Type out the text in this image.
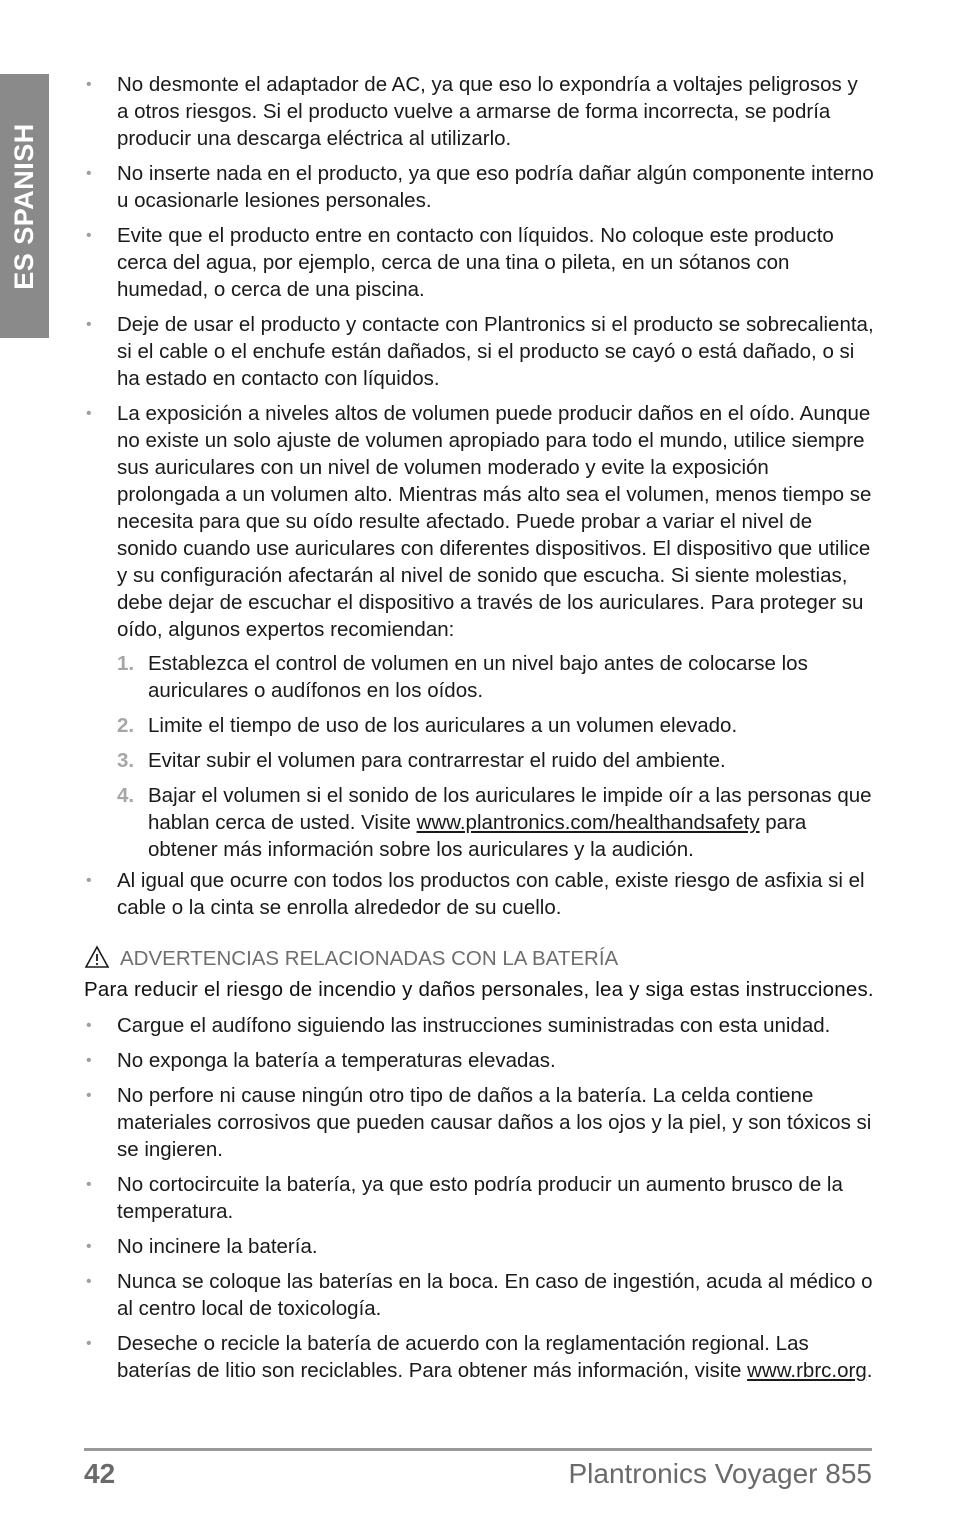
ES SPANISH
• No desmonte el adaptador de AC, ya que eso lo expondría a voltajes peligrosos y a otros riesgos. Si el producto vuelve a armarse de forma incorrecta, se podría producir una descarga eléctrica al utilizarlo.
• No inserte nada en el producto, ya que eso podría dañar algún componente interno u ocasionarle lesiones personales.
• Evite que el producto entre en contacto con líquidos. No coloque este producto cerca del agua, por ejemplo, cerca de una tina o pileta, en un sótanos con humedad, o cerca de una piscina.
• Deje de usar el producto y contacte con Plantronics si el producto se sobrecalienta, si el cable o el enchufe están dañados, si el producto se cayó o está dañado, o si ha estado en contacto con líquidos.
• La exposición a niveles altos de volumen puede producir daños en el oído. Aunque no existe un solo ajuste de volumen apropiado para todo el mundo, utilice siempre sus auriculares con un nivel de volumen moderado y evite la exposición prolongada a un volumen alto. Mientras más alto sea el volumen, menos tiempo se necesita para que su oído resulte afectado. Puede probar a variar el nivel de sonido cuando use auriculares con diferentes dispositivos. El dispositivo que utilice y su configuración afectarán al nivel de sonido que escucha. Si siente molestias, debe dejar de escuchar el dispositivo a través de los auriculares. Para proteger su oído, algunos expertos recomiendan:
1. Establezca el control de volumen en un nivel bajo antes de colocarse los auriculares o audífonos en los oídos.
2. Limite el tiempo de uso de los auriculares a un volumen elevado.
3. Evitar subir el volumen para contrarrestar el ruido del ambiente.
4. Bajar el volumen si el sonido de los auriculares le impide oír a las personas que hablan cerca de usted. Visite www.plantronics.com/healthandsafety para obtener más información sobre los auriculares y la audición.
• Al igual que ocurre con todos los productos con cable, existe riesgo de asfixia si el cable o la cinta se enrolla alrededor de su cuello.
ADVERTENCIAS RELACIONADAS CON LA BATERÍA
Para reducir el riesgo de incendio y daños personales, lea y siga estas instrucciones.
• Cargue el audífono siguiendo las instrucciones suministradas con esta unidad.
• No exponga la batería a temperaturas elevadas.
• No perfore ni cause ningún otro tipo de daños a la batería. La celda contiene materiales corrosivos que pueden causar daños a los ojos y la piel, y son tóxicos si se ingieren.
• No cortocircuite la batería, ya que esto podría producir un aumento brusco de la temperatura.
• No incinere la batería.
• Nunca se coloque las baterías en la boca. En caso de ingestión, acuda al médico o al centro local de toxicología.
• Deseche o recicle la batería de acuerdo con la reglamentación regional. Las baterías de litio son reciclables. Para obtener más información, visite www.rbrc.org.
42	Plantronics Voyager 855
